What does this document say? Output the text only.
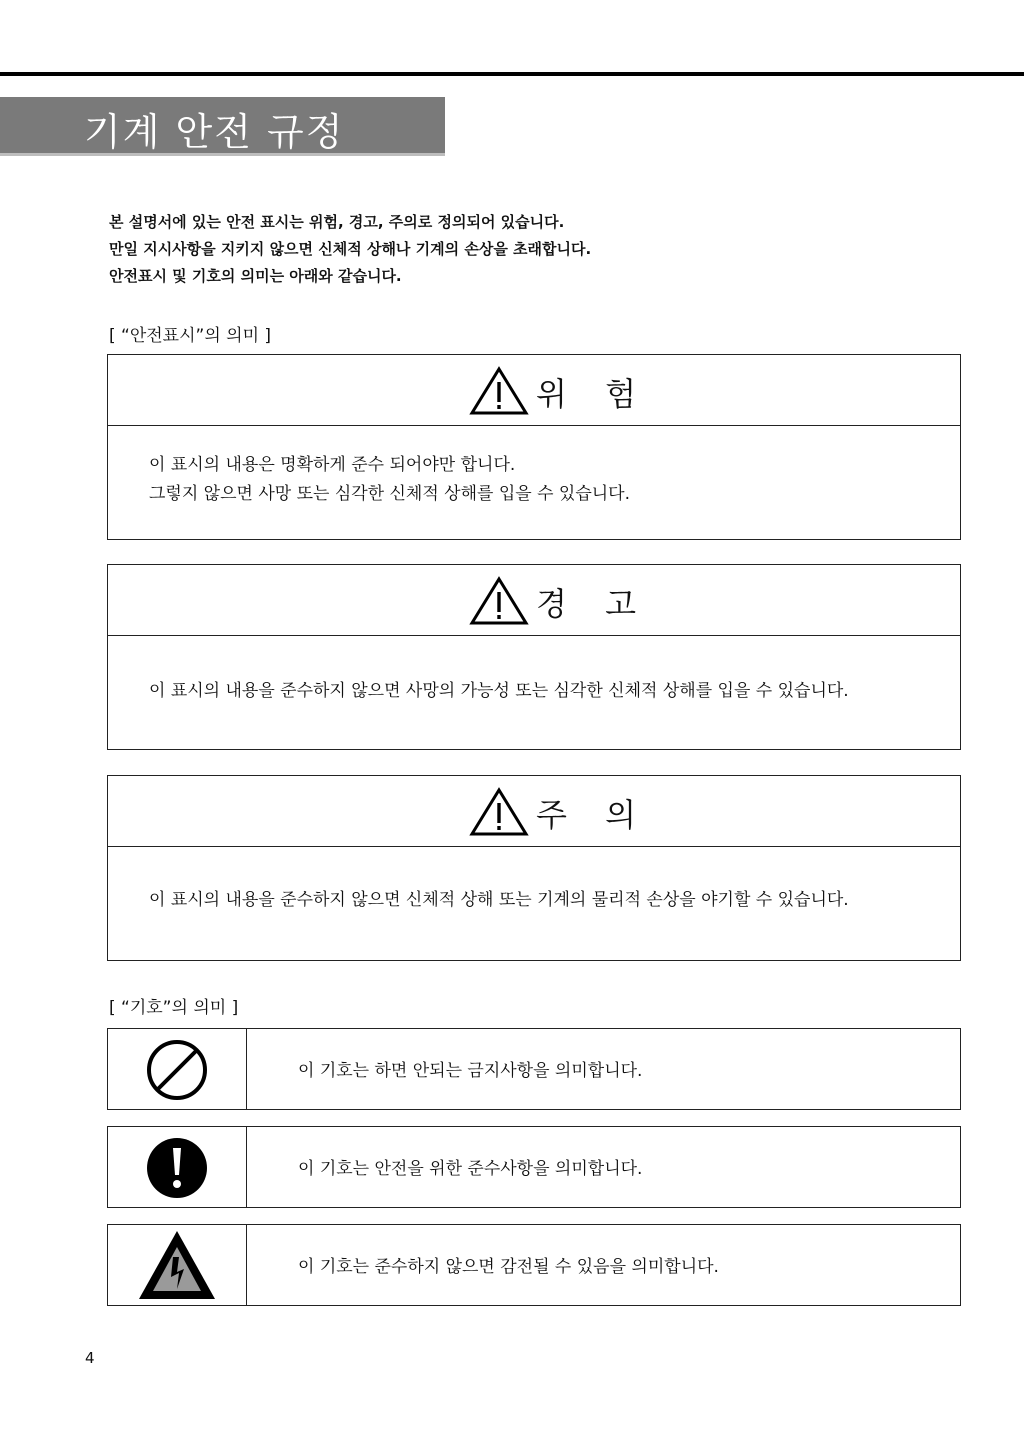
기계 안전 규정
본 설명서에 있는 안전 표시는 위험, 경고, 주의로 정의되어 있습니다.
만일 지시사항을 지키지 않으면 신체적 상해나 기계의 손상을 초래합니다.
안전표시 및 기호의 의미는 아래와 같습니다.
[ “안전표시”의 의미 ]
위 험
이 표시의 내용은 명확하게 준수 되어야만 합니다.
그렇지 않으면 사망 또는 심각한 신체적 상해를 입을 수 있습니다.
경 고
이 표시의 내용을 준수하지 않으면 사망의 가능성 또는 심각한 신체적 상해를 입을 수 있습니다.
주 의
이 표시의 내용을 준수하지 않으면 신체적 상해 또는 기계의 물리적 손상을 야기할 수 있습니다.
[ “기호”의 의미 ]
이 기호는 하면 안되는 금지사항을 의미합니다.
이 기호는 안전을 위한 준수사항을 의미합니다.
이 기호는 준수하지 않으면 감전될 수 있음을 의미합니다.
4
